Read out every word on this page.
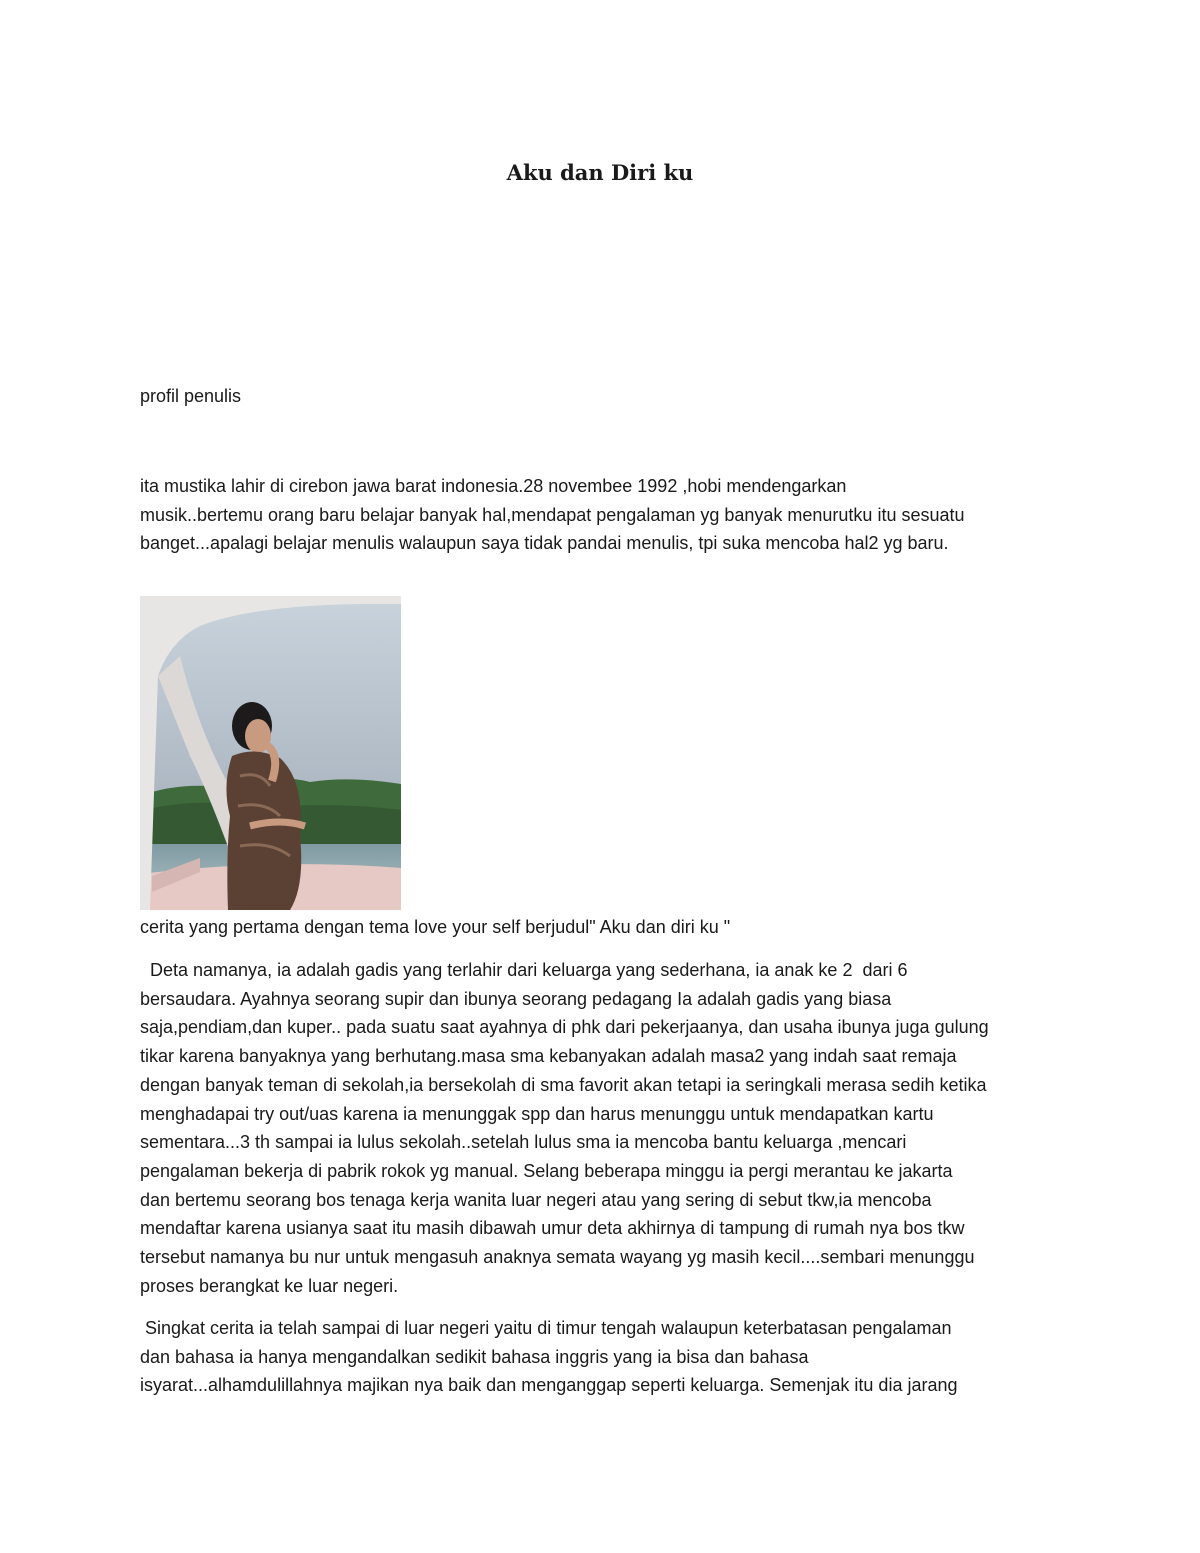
Aku dan Diri ku

profil penulis

ita mustika lahir di cirebon jawa barat indonesia.28 novembee 1992 ,hobi mendengarkan
musik..bertemu orang baru belajar banyak hal,mendapat pengalaman yg banyak menurutku itu sesuatu
banget...apalagi belajar menulis walaupun saya tidak pandai menulis, tpi suka mencoba hal2 yg baru.

cerita yang pertama dengan tema love your self berjudul" Aku dan diri ku "

Deta namanya, ia adalah gadis yang terlahir dari keluarga yang sederhana, ia anak ke 2  dari 6
bersaudara. Ayahnya seorang supir dan ibunya seorang pedagang Ia adalah gadis yang biasa
saja,pendiam,dan kuper.. pada suatu saat ayahnya di phk dari pekerjaanya, dan usaha ibunya juga gulung
tikar karena banyaknya yang berhutang.masa sma kebanyakan adalah masa2 yang indah saat remaja
dengan banyak teman di sekolah,ia bersekolah di sma favorit akan tetapi ia seringkali merasa sedih ketika
menghadapai try out/uas karena ia menunggak spp dan harus menunggu untuk mendapatkan kartu
sementara...3 th sampai ia lulus sekolah..setelah lulus sma ia mencoba bantu keluarga ,mencari
pengalaman bekerja di pabrik rokok yg manual. Selang beberapa minggu ia pergi merantau ke jakarta
dan bertemu seorang bos tenaga kerja wanita luar negeri atau yang sering di sebut tkw,ia mencoba
mendaftar karena usianya saat itu masih dibawah umur deta akhirnya di tampung di rumah nya bos tkw
tersebut namanya bu nur untuk mengasuh anaknya semata wayang yg masih kecil....sembari menunggu
proses berangkat ke luar negeri.

Singkat cerita ia telah sampai di luar negeri yaitu di timur tengah walaupun keterbatasan pengalaman
dan bahasa ia hanya mengandalkan sedikit bahasa inggris yang ia bisa dan bahasa
isyarat...alhamdulillahnya majikan nya baik dan menganggap seperti keluarga. Semenjak itu dia jarang
